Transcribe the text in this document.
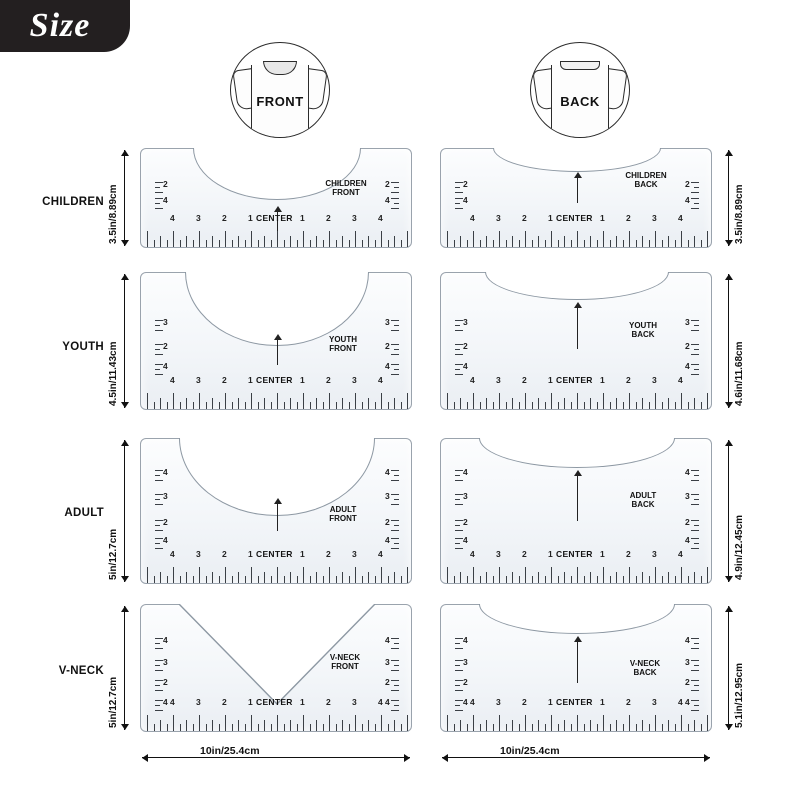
Size
FRONT	BACK
CHILDREN
YOUTH
ADULT
V-NECK
CHILDREN
FRONT
4	3	2	1	1	2	3	4
CENTER
2
4
2
4
CHILDREN
BACK
4	3	2	1	1	2	3	4
CENTER
2
4
2
4
YOUTH
FRONT
4	3	2	1	1	2	3	4
CENTER
3
2
4
3
2
4
YOUTH
BACK
4	3	2	1	1	2	3	4
CENTER
3
2
4
3
2
4
ADULT
FRONT
4	3	2	1	1	2	3	4
CENTER
4
3
2
4
4
3
2
4
ADULT
BACK
4	3	2	1	1	2	3	4
CENTER
4
3
2
4
4
3
2
4
V-NECK
FRONT
4	3	2	1	1	2	3	4
CENTER
4
3
2
4
4
3
2
4
V-NECK
BACK
4	3	2	1	1	2	3	4
CENTER
4
3
2
4
4
3
2
4
3.5in/8.89cm	3.5in/8.89cm
4.5in/11.43cm	4.6in/11.68cm
5in/12.7cm	4.9in/12.45cm
5in/12.7cm	5.1in/12.95cm
10in/25.4cm	10in/25.4cm
